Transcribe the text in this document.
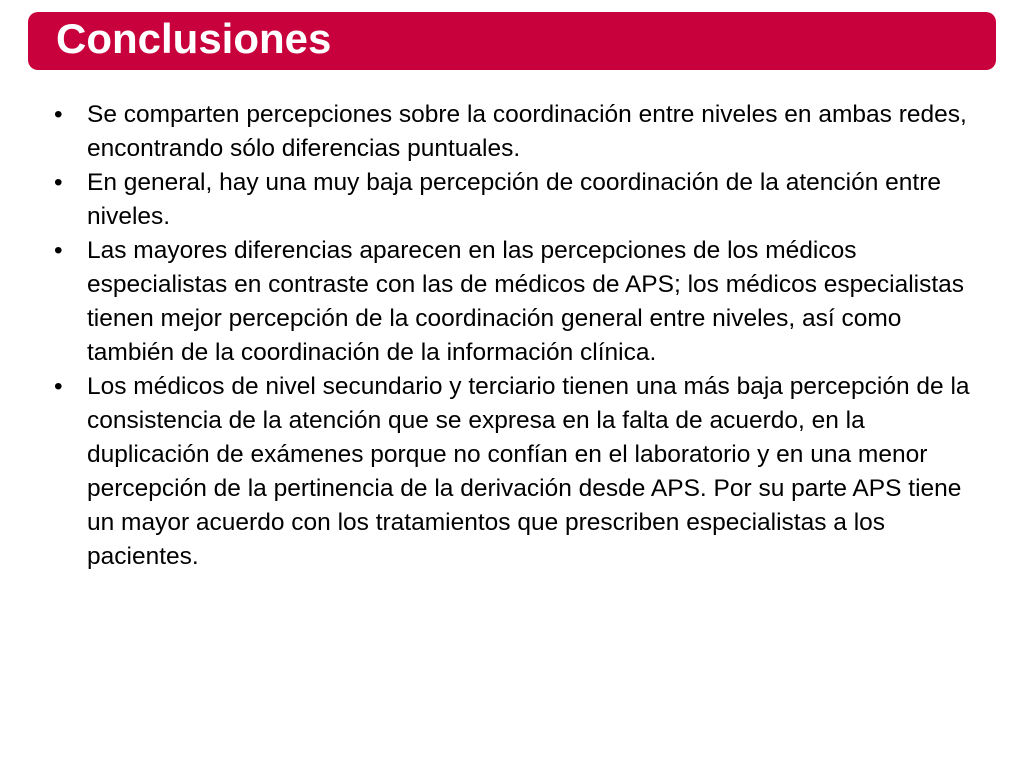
Conclusiones
• Se comparten percepciones sobre la coordinación entre niveles en ambas redes, encontrando sólo diferencias puntuales.
• En general, hay una muy baja percepción de coordinación de la atención entre niveles.
• Las mayores diferencias aparecen en las percepciones de los médicos especialistas en contraste con las de médicos de APS; los médicos especialistas tienen mejor percepción de la coordinación general entre niveles, así como también de la coordinación de la información clínica.
• Los médicos de nivel secundario y terciario tienen una más baja percepción de la consistencia de la atención que se expresa en la falta de acuerdo, en la duplicación de exámenes porque no confían en el laboratorio y en una menor percepción de la pertinencia de la derivación desde APS. Por su parte APS tiene un mayor acuerdo con los tratamientos que prescriben especialistas a los pacientes.
